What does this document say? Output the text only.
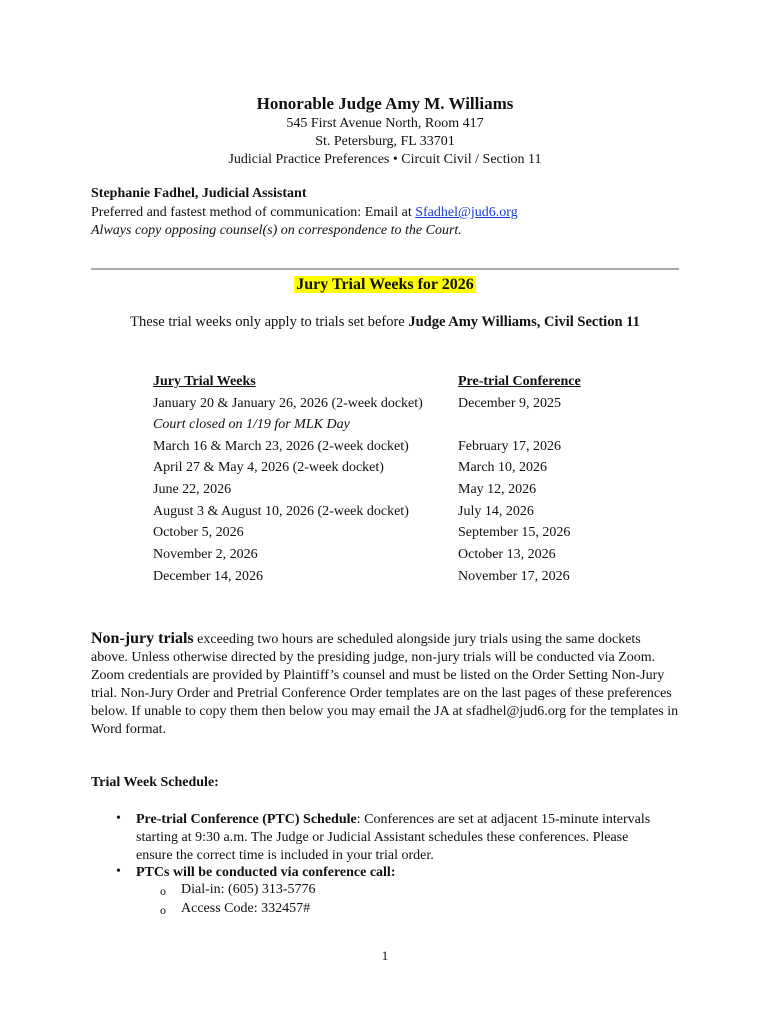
Honorable Judge Amy M. Williams
545 First Avenue North, Room 417
St. Petersburg, FL 33701
Judicial Practice Preferences • Circuit Civil / Section 11
Stephanie Fadhel, Judicial Assistant
Preferred and fastest method of communication: Email at Sfadhel@jud6.org
Always copy opposing counsel(s) on correspondence to the Court.
Jury Trial Weeks for 2026
These trial weeks only apply to trials set before Judge Amy Williams, Civil Section 11
Jury Trial Weeks	Pre-trial Conference
January 20 & January 26, 2026 (2-week docket)	December 9, 2025
Court closed on 1/19 for MLK Day
March 16 & March 23, 2026 (2-week docket)	February 17, 2026
April 27 & May 4, 2026 (2-week docket)	March 10, 2026
June 22, 2026	May 12, 2026
August 3 & August 10, 2026 (2-week docket)	July 14, 2026
October 5, 2026	September 15, 2026
November 2, 2026	October 13, 2026
December 14, 2026	November 17, 2026
Non-jury trials exceeding two hours are scheduled alongside jury trials using the same dockets above. Unless otherwise directed by the presiding judge, non-jury trials will be conducted via Zoom. Zoom credentials are provided by Plaintiff’s counsel and must be listed on the Order Setting Non-Jury trial. Non-Jury Order and Pretrial Conference Order templates are on the last pages of these preferences below. If unable to copy them then below you may email the JA at sfadhel@jud6.org for the templates in Word format.
Trial Week Schedule:
• Pre-trial Conference (PTC) Schedule: Conferences are set at adjacent 15-minute intervals starting at 9:30 a.m. The Judge or Judicial Assistant schedules these conferences. Please ensure the correct time is included in your trial order.
• PTCs will be conducted via conference call:
o Dial-in: (605) 313-5776
o Access Code: 332457#
1
